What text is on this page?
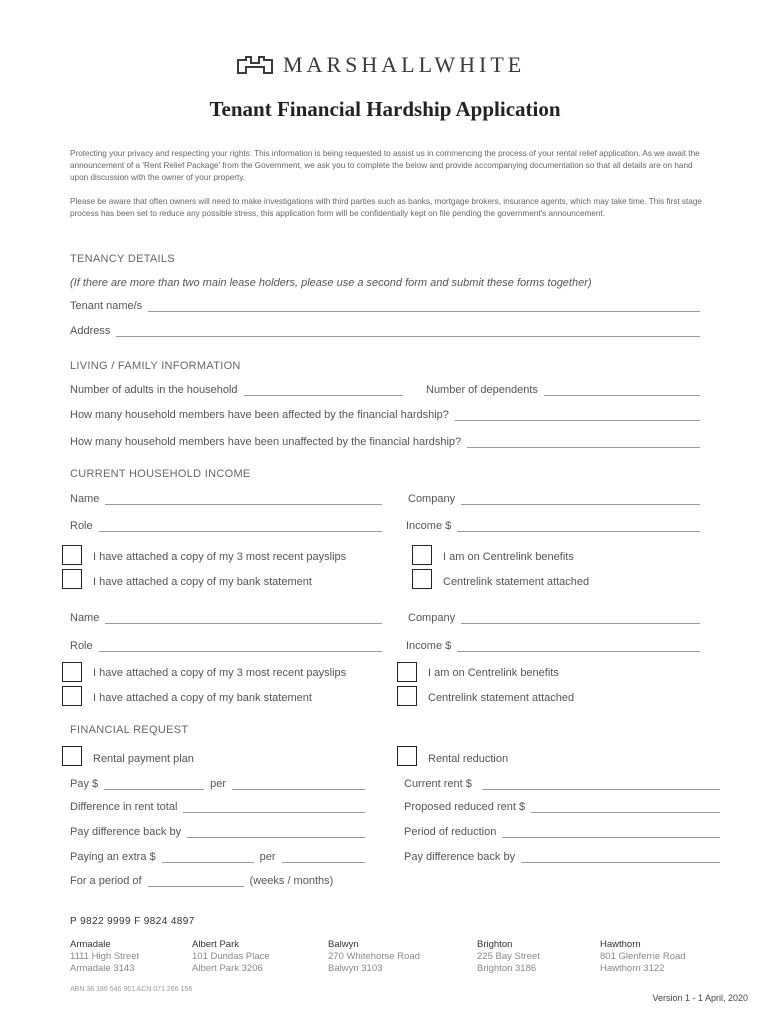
MARSHALLWHITE
Tenant Financial Hardship Application
Protecting your privacy and respecting your rights: This information is being requested to assist us in commencing the process of your rental relief application. As we await the announcement of a 'Rent Relief Package' from the Government, we ask you to complete the below and provide accompanying documentation so that all details are on hand upon discussion with the owner of your property.
Please be aware that often owners will need to make investigations with third parties such as banks, mortgage brokers, insurance agents, which may take time. This first stage process has been set to reduce any possible stress, this application form will be confidentially kept on file pending the government's announcement.
TENANCY DETAILS
(If there are more than two main lease holders, please use a second form and submit these forms together)
Tenant name/s
Address
LIVING / FAMILY INFORMATION
Number of adults in the household	Number of dependents
How many household members have been affected by the financial hardship?
How many household members have been unaffected by the financial hardship?
CURRENT HOUSEHOLD INCOME
Name	Company
Role	Income $
I have attached a copy of my 3 most recent payslips
I have attached a copy of my bank statement
I am on Centrelink benefits
Centrelink statement attached
Name	Company
Role	Income $
I have attached a copy of my 3 most recent payslips
I have attached a copy of my bank statement
I am on Centrelink benefits
Centrelink statement attached
FINANCIAL REQUEST
Rental payment plan	Rental reduction
Pay $	per	Current rent $
Difference in rent total	Proposed reduced rent $
Pay difference back by	Period of reduction
Paying an extra $	per	Pay difference back by
For a period of	(weeks / months)
P 9822 9999 F 9824 4897
Armadale
1111 High Street
Armadale 3143
Albert Park
101 Dundas Place
Albert Park 3206
Balwyn
270 Whitehorse Road
Balwyn 3103
Brighton
225 Bay Street
Brighton 3186
Hawthorn
801 Glenferrie Road
Hawthorn 3122
ABN 36 186 546 961 ACN 071 266 156
Version 1 - 1 April, 2020
